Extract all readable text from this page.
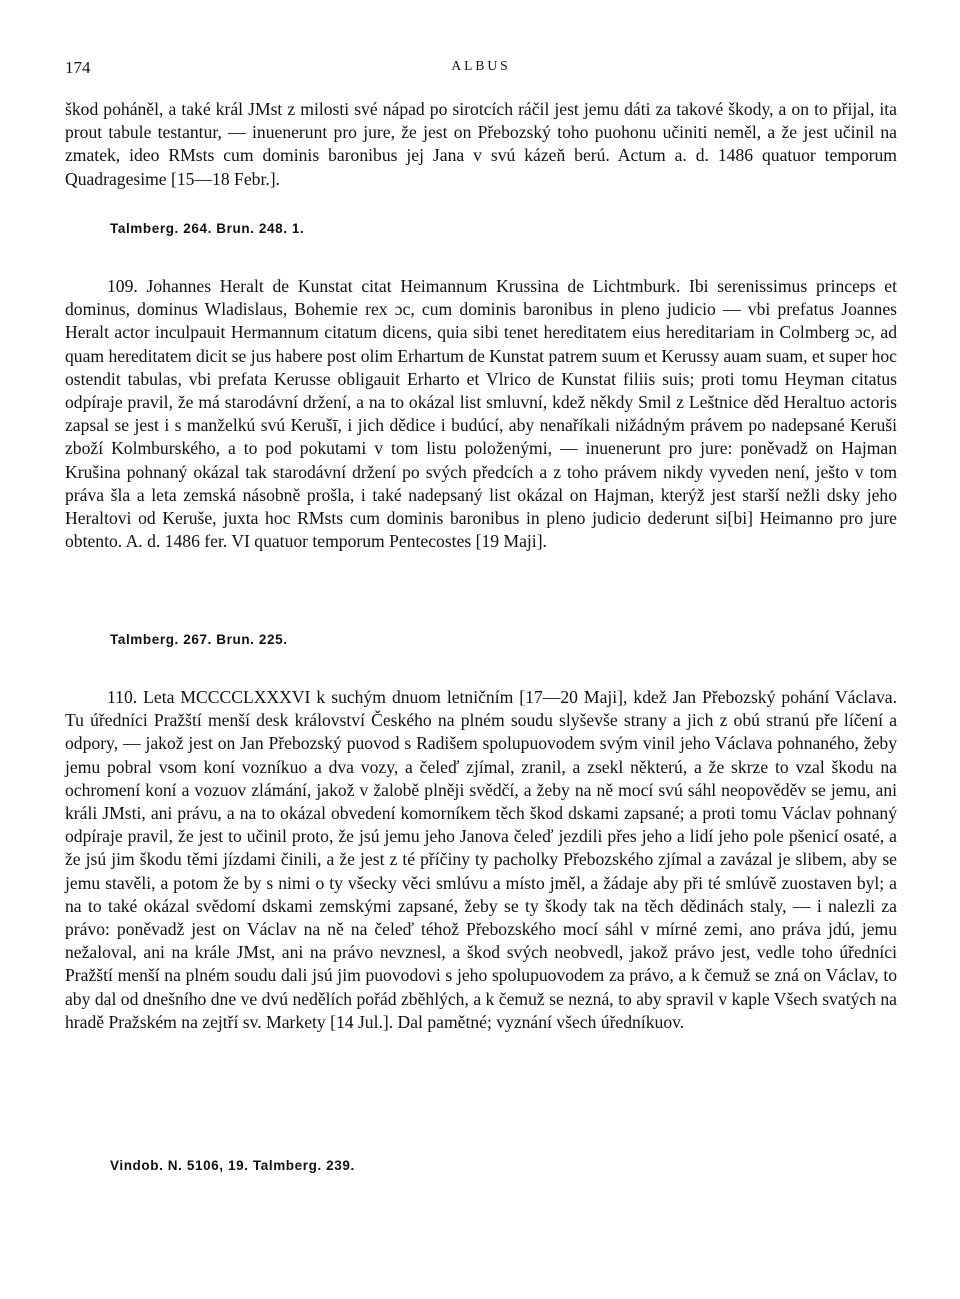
174	ALBUS

škod poháněl, a také král JMst z milosti své nápad po sirotcích ráčil jest jemu dáti za takové škody, a on to přijal, ita prout tabule testantur, — inuenerunt pro jure, že jest on Přebozský toho puohonu učiniti neměl, a že jest učinil na zmatek, ideo RMsts cum dominis baronibus jej Jana v svú kázeň berú. Actum a. d. 1486 quatuor temporum Quadragesime [15—18 Febr.].

Talmberg. 264. Brun. 248. 1.

109. Johannes Heralt de Kunstat citat Heimannum Krussina de Lichtmburk. Ibi serenissimus princeps et dominus, dominus Wladislaus, Bohemie rex ɔc, cum dominis baronibus in pleno judicio — vbi prefatus Joannes Heralt actor inculpauit Hermannum citatum dicens, quia sibi tenet hereditatem eius hereditariam in Colmberg ɔc, ad quam hereditatem dicit se jus habere post olim Erhartum de Kunstat patrem suum et Kerussy auam suam, et super hoc ostendit tabulas, vbi prefata Kerusse obligauit Erharto et Vlrico de Kunstat filiis suis; proti tomu Heyman citatus odpíraje pravil, že má starodávní držení, a na to okázal list smluvní, kdež někdy Smil z Leštnice děd Heraltuo actoris zapsal se jest i s manželkú svú Kerušī, i jich dědice i budúcí, aby nenaříkali nižádným právem po nadepsané Keruši zboží Kolmburského, a to pod pokutami v tom listu položenými, — inuenerunt pro jure: poněvadž on Hajman Krušina pohnaný okázal tak starodávní držení po svých předcích a z toho právem nikdy vyveden není, ješto v tom práva šla a leta zemská násobně prošla, i také nadepsaný list okázal on Hajman, kterýž jest starší nežli dsky jeho Heraltovi od Keruše, juxta hoc RMsts cum dominis baronibus in pleno judicio dederunt si[bi] Heimanno pro jure obtento. A. d. 1486 fer. VI quatuor temporum Pentecostes [19 Maji].

Talmberg. 267. Brun. 225.

110. Leta MCCCCLXXXVI k suchým dnuom letničním [17—20 Maji], kdež Jan Přebozský pohání Václava. Tu úředníci Pražští menší desk království Českého na plném soudu slyševše strany a jich z obú stranú pře líčení a odpory, — jakož jest on Jan Přebozský puovod s Radišem spolupuovodem svým vinil jeho Václava pohnaného, žeby jemu pobral vsom koní vozníkuo a dva vozy, a čeleď zjímal, zranil, a zsekl některú, a že skrze to vzal škodu na ochromení koní a vozuov zlámání, jakož v žalobě plněji svědčí, a žeby na ně mocí svú sáhl neopověděv se jemu, ani králi JMsti, ani právu, a na to okázal obvedení komorníkem těch škod dskami zapsané; a proti tomu Václav pohnaný odpíraje pravil, že jest to učinil proto, že jsú jemu jeho Janova čeleď jezdili přes jeho a lidí jeho pole pšenicí osaté, a že jsú jim škodu těmi jízdami činili, a že jest z té příčiny ty pacholky Přebozského zjímal a zavázal je slibem, aby se jemu stavěli, a potom že by s nimi o ty všecky věci smlúvu a místo jměl, a žádaje aby při té smlúvě zuostaven byl; a na to také okázal svědomí dskami zemskými zapsané, žeby se ty škody tak na těch dědinách staly, — i nalezli za právo: poněvadž jest on Václav na ně na čeleď téhož Přebozského mocí sáhl v mírné zemi, ano práva jdú, jemu nežaloval, ani na krále JMst, ani na právo nevznesl, a škod svých neobvedl, jakož právo jest, vedle toho úředníci Pražští menší na plném soudu dali jsú jim puovodovi s jeho spolupuovodem za právo, a k čemuž se zná on Václav, to aby dal od dnešního dne ve dvú nedělích pořád zběhlých, a k čemuž se nezná, to aby spravil v kaple Všech svatých na hradě Pražském na zejtří sv. Markety [14 Jul.]. Dal pamětné; vyznání všech úředníkuov.

Vindob. N. 5106, 19. Talmberg. 239.
